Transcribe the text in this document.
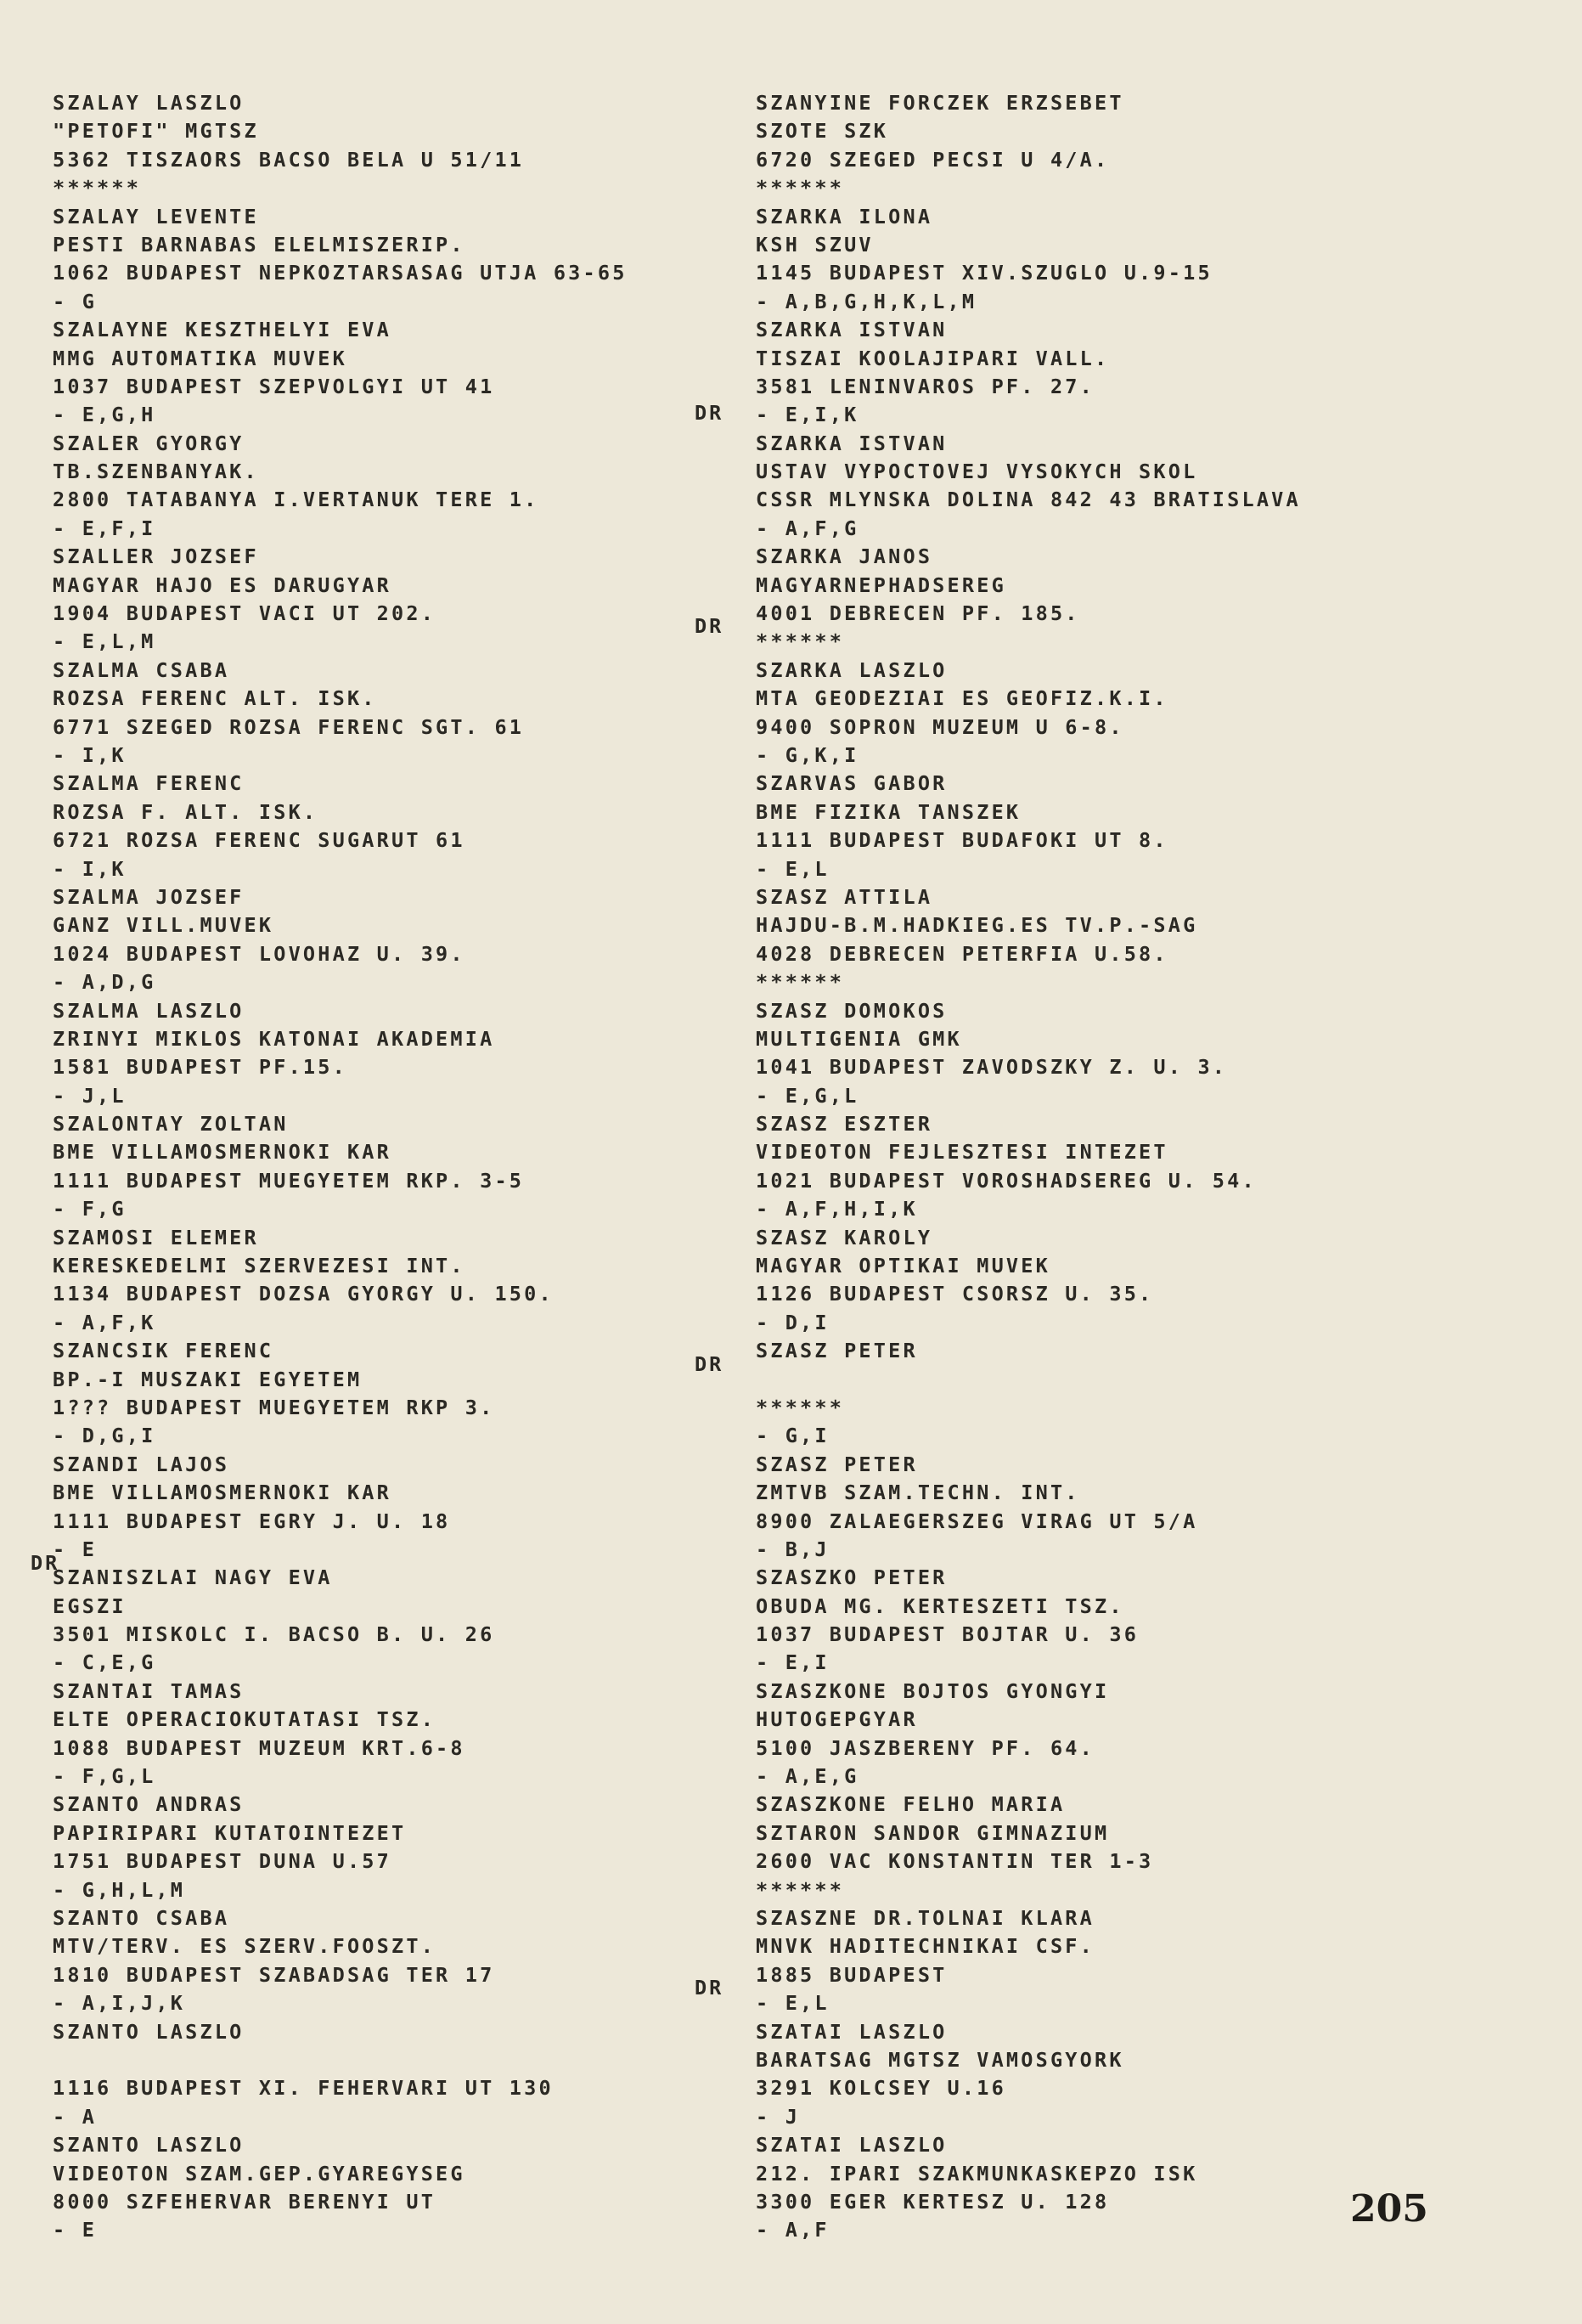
SZALAY LASZLO
"PETOFI" MGTSZ
5362 TISZAORS BACSO BELA U 51/11
******
SZALAY LEVENTE
PESTI BARNABAS ELELMISZERIP.
1062 BUDAPEST NEPKOZTARSASAG UTJA 63-65
- G
SZALAYNE KESZTHELYI EVA
MMG AUTOMATIKA MUVEK
1037 BUDAPEST SZEPVOLGYI UT 41
- E,G,H
SZALER GYORGY
TB.SZENBANYAK.
2800 TATABANYA I.VERTANUK TERE 1.
- E,F,I
SZALLER JOZSEF
MAGYAR HAJO ES DARUGYAR
1904 BUDAPEST VACI UT 202.
- E,L,M
SZALMA CSABA
ROZSA FERENC ALT. ISK.
6771 SZEGED ROZSA FERENC SGT. 61
- I,K
SZALMA FERENC
ROZSA F. ALT. ISK.
6721 ROZSA FERENC SUGARUT 61
- I,K
SZALMA JOZSEF
GANZ VILL.MUVEK
1024 BUDAPEST LOVOHAZ U. 39.
- A,D,G
SZALMA LASZLO
ZRINYI MIKLOS KATONAI AKADEMIA
1581 BUDAPEST PF.15.
- J,L
SZALONTAY ZOLTAN
BME VILLAMOSMERNOKI KAR
1111 BUDAPEST MUEGYETEM RKP. 3-5
- F,G
SZAMOSI ELEMER
KERESKEDELMI SZERVEZESI INT.
1134 BUDAPEST DOZSA GYORGY U. 150.
- A,F,K
SZANCSIK FERENC
BP.-I MUSZAKI EGYETEM
1??? BUDAPEST MUEGYETEM RKP 3.
- D,G,I
SZANDI LAJOS
BME VILLAMOSMERNOKI KAR
1111 BUDAPEST EGRY J. U. 18
- E
SZANISZLAI NAGY EVA
EGSZI
3501 MISKOLC I. BACSO B. U. 26
- C,E,G
SZANTAI TAMAS
ELTE OPERACIOKUTATASI TSZ.
1088 BUDAPEST MUZEUM KRT.6-8
- F,G,L
SZANTO ANDRAS
PAPIRIPARI KUTATOINTEZET
1751 BUDAPEST DUNA U.57
- G,H,L,M
SZANTO CSABA
MTV/TERV. ES SZERV.FOOSZT.
1810 BUDAPEST SZABADSAG TER 17
- A,I,J,K
SZANTO LASZLO
1116 BUDAPEST XI. FEHERVARI UT 130
- A
SZANTO LASZLO
VIDEOTON SZAM.GEP.GYAREGYSEG
8000 SZFEHERVAR BERENYI UT
- E
SZANYINE FORCZEK ERZSEBET
SZOTE SZK
6720 SZEGED PECSI U 4/A.
******
SZARKA ILONA
KSH SZUV
1145 BUDAPEST XIV.SZUGLO U.9-15
- A,B,G,H,K,L,M
SZARKA ISTVAN
TISZAI KOOLAJIPARI VALL.
3581 LENINVAROS PF. 27.
- E,I,K
SZARKA ISTVAN
USTAV VYPOCTOVEJ VYSOKYCH SKOL
CSSR MLYNSKA DOLINA 842 43 BRATISLAVA
- A,F,G
SZARKA JANOS
MAGYARNEPHADSEREG
4001 DEBRECEN PF. 185.
******
SZARKA LASZLO
MTA GEODEZIAI ES GEOFIZ.K.I.
9400 SOPRON MUZEUM U 6-8.
- G,K,I
SZARVAS GABOR
BME FIZIKA TANSZEK
1111 BUDAPEST BUDAFOKI UT 8.
- E,L
SZASZ ATTILA
HAJDU-B.M.HADKIEG.ES TV.P.-SAG
4028 DEBRECEN PETERFIA U.58.
******
SZASZ DOMOKOS
MULTIGENIA GMK
1041 BUDAPEST ZAVODSZKY Z. U. 3.
- E,G,L
SZASZ ESZTER
VIDEOTON FEJLESZTESI INTEZET
1021 BUDAPEST VOROSHADSEREG U. 54.
- A,F,H,I,K
SZASZ KAROLY
MAGYAR OPTIKAI MUVEK
1126 BUDAPEST CSORSZ U. 35.
- D,I
SZASZ PETER
******
- G,I
SZASZ PETER
ZMTVB SZAM.TECHN. INT.
8900 ZALAEGERSZEG VIRAG UT 5/A
- B,J
SZASZKO PETER
OBUDA MG. KERTESZETI TSZ.
1037 BUDAPEST BOJTAR U. 36
- E,I
SZASZKONE BOJTOS GYONGYI
HUTOGEPGYAR
5100 JASZBERENY PF. 64.
- A,E,G
SZASZKONE FELHO MARIA
SZTARON SANDOR GIMNAZIUM
2600 VAC KONSTANTIN TER 1-3
******
SZASZNE DR.TOLNAI KLARA
MNVK HADITECHNIKAI CSF.
1885 BUDAPEST
- E,L
SZATAI LASZLO
BARATSAG MGTSZ VAMOSGYORK
3291 KOLCSEY U.16
- J
SZATAI LASZLO
212. IPARI SZAKMUNKASKEPZO ISK
3300 EGER KERTESZ U. 128
- A,F
DR
DR
DR
DR
DR
205
